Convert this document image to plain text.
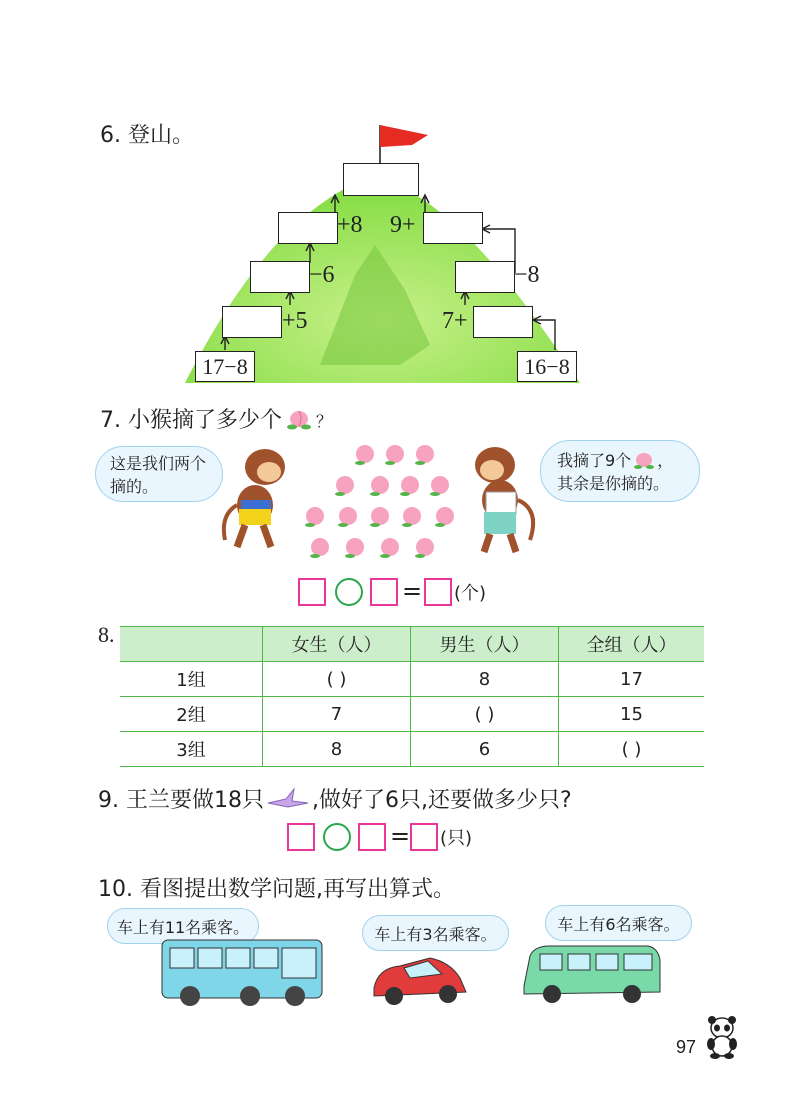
6. 登山。
+8 9+
−6	−8
+5	7+
17−8	16−8
7. 小猴摘了多少个 ？
这是我们两个
摘的。
我摘了9个 ，
其余是你摘的。
= (个)
8.
		女生（人）	男生（人）	全组（人）
1组	( )	8	17
2组	7	( )	15
3组	8	6	( )
9. 王兰要做18只 ,做好了6只,还要做多少只?
= (只)
10. 看图提出数学问题,再写出算式。
车上有11名乘客。	车上有3名乘客。
车上有6名乘客。
97
